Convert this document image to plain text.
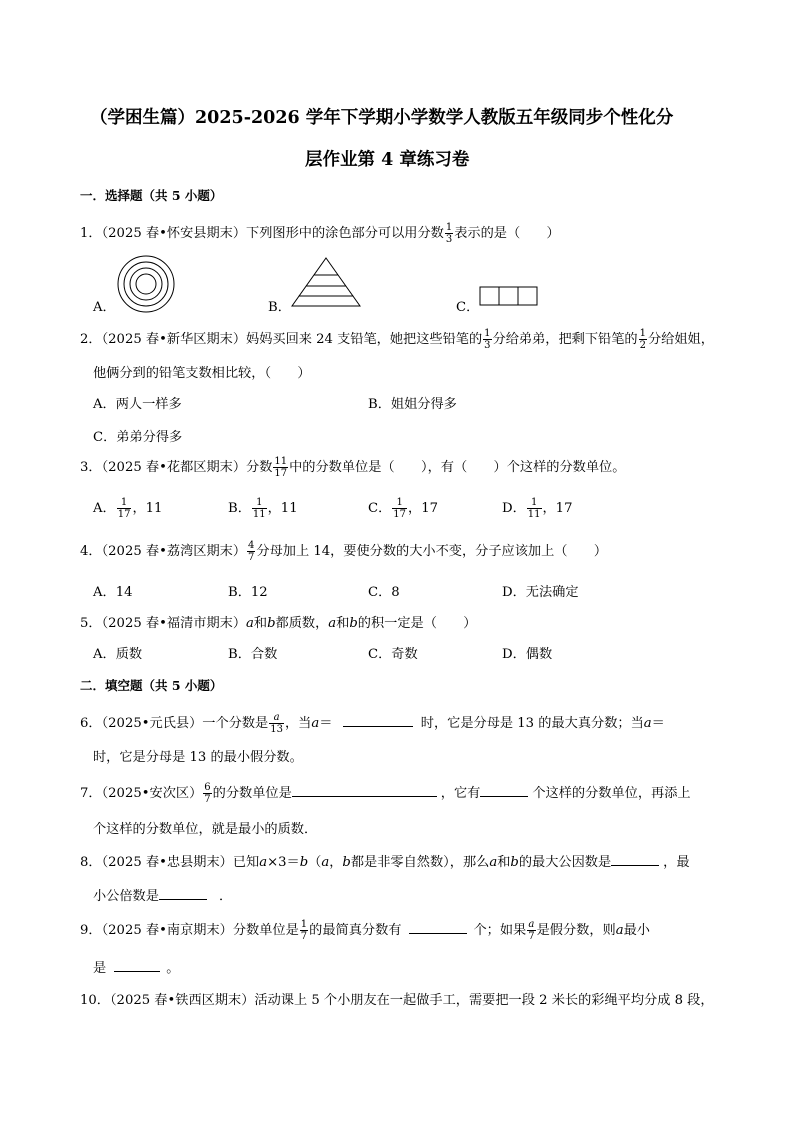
（学困生篇）2025-2026 学年下学期小学数学人教版五年级同步个性化分
层作业第 4 章练习卷
一．选择题（共 5 小题）
1．（2025 春•怀安县期末）下列图形中的涂色部分可以用分数 $\frac{1}{3}$ 表示的是（　　）
A．	B．	C．
2．（2025 春•新华区期末）妈妈买回来 24 支铅笔，她把这些铅笔的 $\frac{1}{3}$ 分给弟弟，把剩下铅笔的 $\frac{1}{2}$ 分给姐姐，
他俩分到的铅笔支数相比较，（　　）
A．两人一样多	B．姐姐分得多
C．弟弟分得多
3．（2025 春•花都区期末）分数 $\frac{11}{17}$ 中的分数单位是（　　），有（　　）个这样的分数单位。
A． $\frac{1}{17}$ ，11	B． $\frac{1}{11}$ ，11	C． $\frac{1}{17}$ ，17	D． $\frac{1}{11}$ ，17
4．（2025 春•荔湾区期末） $\frac{4}{7}$ 分母加上 14，要使分数的大小不变，分子应该加上（　　）
A．14	B．12	C．8	D．无法确定
5．（2025 春•福清市期末）a和b都质数，a和b的积一定是（　　）
A．质数	B．合数	C．奇数	D．偶数
二．填空题（共 5 小题）
6．（2025•元氏县）一个分数是 $\frac{a}{13}$ ，当a＝	时，它是分母是 13 的最大真分数；当a＝
时，它是分母是 13 的最小假分数。
7．（2025•安次区） $\frac{6}{7}$ 的分数单位是	，它有	个这样的分数单位，再添上
个这样的分数单位，就是最小的质数．
8．（2025 春•忠县期末）已知a×3＝b（a，b都是非零自然数），那么a和b的最大公因数是	，最
小公倍数是	．
9．（2025 春•南京期末）分数单位是 $\frac{1}{7}$ 的最简真分数有	个；如果 $\frac{a}{7}$ 是假分数，则a最小
是	。
10．（2025 春•铁西区期末）活动课上 5 个小朋友在一起做手工，需要把一段 2 米长的彩绳平均分成 8 段，
